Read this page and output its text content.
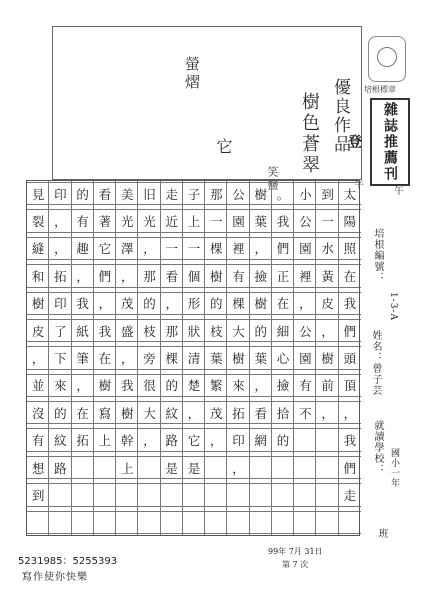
優良作品
樹色蒼翠
笑鹽
螢熠
它
培根標章
雜誌推薦刊登
午
午
太
陽
照
在
我
們
頭
頂
，
我
們
走
到
一
水
黃
皮
，
樹
前
，
小
公
園
裡
，
公
園
有
不
。
我
們
正
在
細
心
撿
拾
的
樹
葉
，
撿
樹
的
葉
，
看
網
公
園
裡
有
棵
大
樹
來
拓
印
，
那
一
棵
樹
的
枝
葉
繁
茂
，
子
上
一
個
形
狀
清
楚
，
它
是
走
近
一
看
，
那
棵
的
紋
路
是
旧
光
，
那
的
枝
旁
很
大
，
美
光
澤
，
茂
盛
，
我
樹
幹
上
看
著
它
們
，
我
在
樹
寫
上
的
有
趣
，
我
紙
筆
，
在
拓
印
，
，
拓
印
了
下
來
的
紋
路
見
裂
縫
和
樹
皮
，
並
沒
有
想
到
培根編號：
1-3-A
姓名：曾子芸
就讀學校： 國小一年
班
99年 7月 31日
第 7 次
5231985：5255393
寫作使你快樂
